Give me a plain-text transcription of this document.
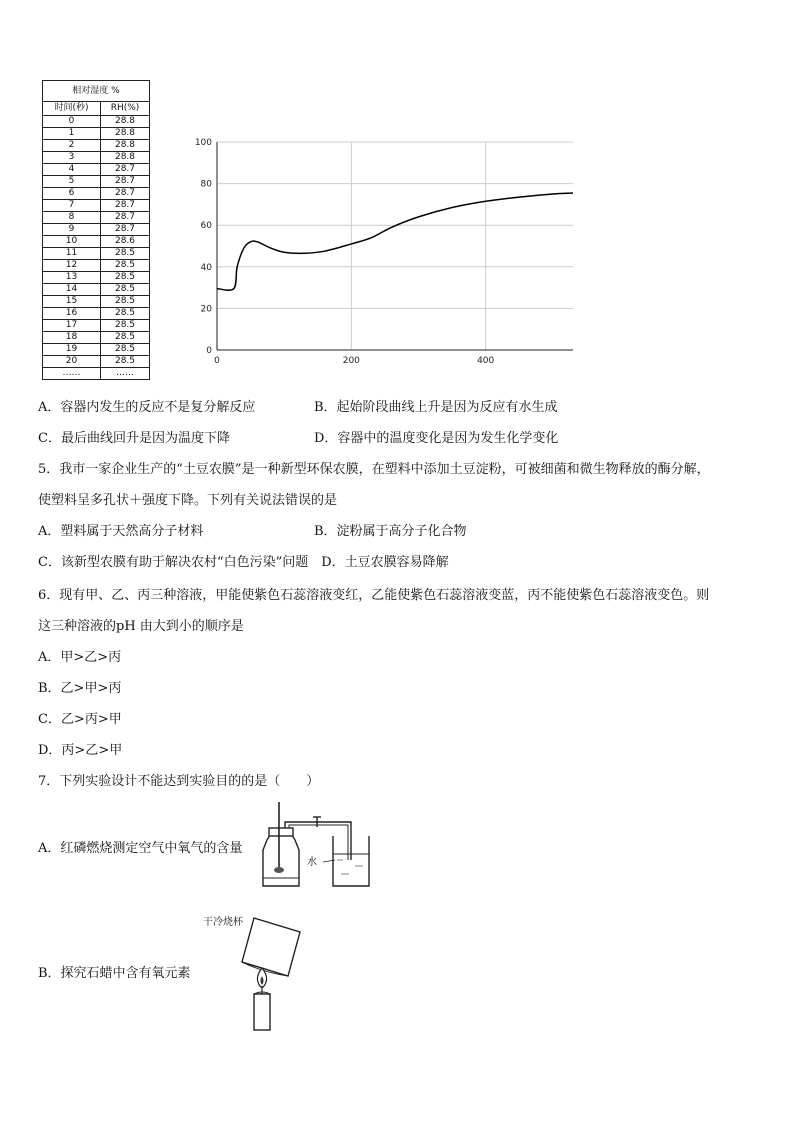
相对湿度 %	
时间(秒)	RH(%)
0	28.8
1	28.8
2	28.8
3	28.8
4	28.7
5	28.7
6	28.7
7	28.7
8	28.7
9	28.7
10	28.6
11	28.5
12	28.5
13	28.5
14	28.5
15	28.5
16	28.5
17	28.5
18	28.5
19	28.5
20	28.5
……	……
0
20
40
60
80
100
0	200	400
A．容器内发生的反应不是复分解反应	B．起始阶段曲线上升是因为反应有水生成
C．最后曲线回升是因为温度下降	D．容器中的温度变化是因为发生化学变化
5．我市一家企业生产的“土豆农膜”是一种新型环保农膜，在塑料中添加土豆淀粉，可被细菌和微生物释放的酶分解，
使塑料呈多孔状＋强度下降。下列有关说法错误的是
A．塑料属于天然高分子材料	B．淀粉属于高分子化合物
C．该新型农膜有助于解决农村“白色污染”问题　D．土豆农膜容易降解
6．现有甲、乙、丙三种溶液，甲能使紫色石蕊溶液变红，乙能使紫色石蕊溶液变蓝，丙不能使紫色石蕊溶液变色。则
这三种溶液的pH 由大到小的顺序是
A．甲>乙>丙
B．乙>甲>丙
C．乙>丙>甲
D．丙>乙>甲
7．下列实验设计不能达到实验目的的是（　　）
A．红磷燃烧测定空气中氧气的含量
水
干冷烧杯
B．探究石蜡中含有氧元素
